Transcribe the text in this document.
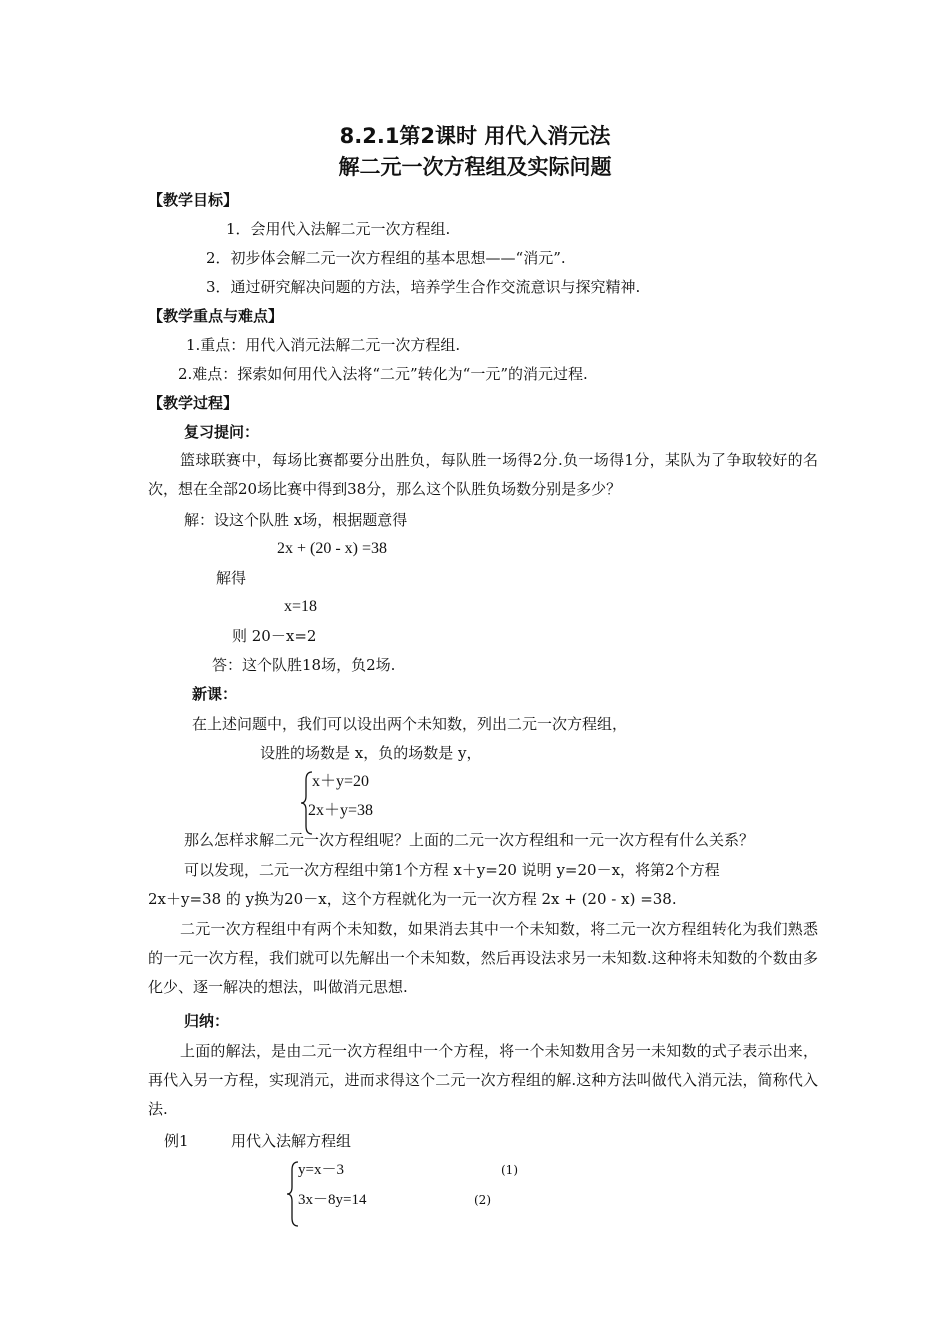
8.2.1第2课时 用代入消元法
解二元一次方程组及实际问题
【教学目标】
1．会用代入法解二元一次方程组.
2．初步体会解二元一次方程组的基本思想——“消元”.
3．通过研究解决问题的方法，培养学生合作交流意识与探究精神.
【教学重点与难点】
1.重点：用代入消元法解二元一次方程组.
2.难点：探索如何用代入法将“二元”转化为“一元”的消元过程.
【教学过程】
复习提问：
篮球联赛中，每场比赛都要分出胜负，每队胜一场得2分.负一场得1分，某队为了争取较好的名次，想在全部20场比赛中得到38分，那么这个队胜负场数分别是多少？
解：设这个队胜 x场，根据题意得
2x + (20 - x) =38
解得
x=18
则 20－x=2
答：这个队胜18场，负2场.
新课：
在上述问题中，我们可以设出两个未知数，列出二元一次方程组，
设胜的场数是 x，负的场数是 y，
x＋y=20
2x＋y=38
那么怎样求解二元一次方程组呢？上面的二元一次方程组和一元一次方程有什么关系？
可以发现，二元一次方程组中第1个方程 x＋y=20 说明 y=20－x，将第2个方程
2x＋y=38 的 y换为20－x，这个方程就化为一元一次方程 2x + (20 - x) =38.
二元一次方程组中有两个未知数，如果消去其中一个未知数，将二元一次方程组转化为我们熟悉的一元一次方程，我们就可以先解出一个未知数，然后再设法求另一未知数.这种将未知数的个数由多化少、逐一解决的想法，叫做消元思想.
归纳：
上面的解法，是由二元一次方程组中一个方程，将一个未知数用含另一未知数的式子表示出来，再代入另一方程，实现消元，进而求得这个二元一次方程组的解.这种方法叫做代入消元法，简称代入法.
例1	用代入法解方程组
y=x－3	(1)
3x－8y=14	(2)
